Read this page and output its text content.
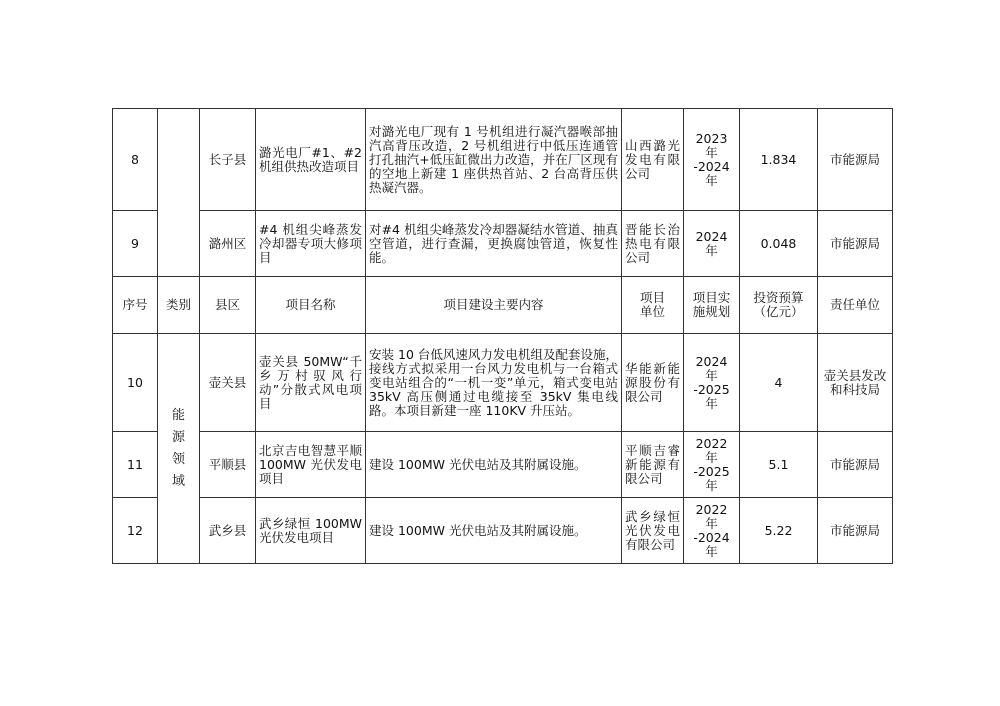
8		长子县	潞光电厂#1、#2 机组供热改造项目	对潞光电厂现有 1 号机组进行凝汽器喉部抽汽高背压改造，2 号机组进行中低压连通管打孔抽汽+低压缸微出力改造，并在厂区现有的空地上新建 1 座供热首站、2 台高背压供热凝汽器。	山西潞光发电有限公司	2023
年
-2024
年	1.834	市能源局
9		潞州区	#4 机组尖峰蒸发冷却器专项大修项目	对#4 机组尖峰蒸发冷却器凝结水管道、抽真空管道，进行查漏，更换腐蚀管道，恢复性能。	晋能长治热电有限公司	2024
年	0.048	市能源局
序号	类别	县区	项目名称	项目建设主要内容	项目
单位	项目实
施规划	投资预算
（亿元）	责任单位
10	能源领域	壶关县	壶关县 50MW“千乡万村驭风行动”分散式风电项目	安装 10 台低风速风力发电机组及配套设施，接线方式拟采用一台风力发电机与一台箱式变电站组合的“一机一变”单元，箱式变电站 35kV 高压侧通过电缆接至 35kV 集电线路。本项目新建一座 110KV 升压站。	华能新能源股份有限公司	2024
年
-2025
年	4	壶关县发改和科技局
11		平顺县	北京吉电智慧平顺 100MW 光伏发电项目	建设 100MW 光伏电站及其附属设施。	平顺吉睿新能源有限公司	2022
年
-2025
年	5.1	市能源局
12		武乡县	武乡绿恒 100MW 光伏发电项目	建设 100MW 光伏电站及其附属设施。	武乡绿恒光伏发电有限公司	2022
年
-2024
年	5.22	市能源局
